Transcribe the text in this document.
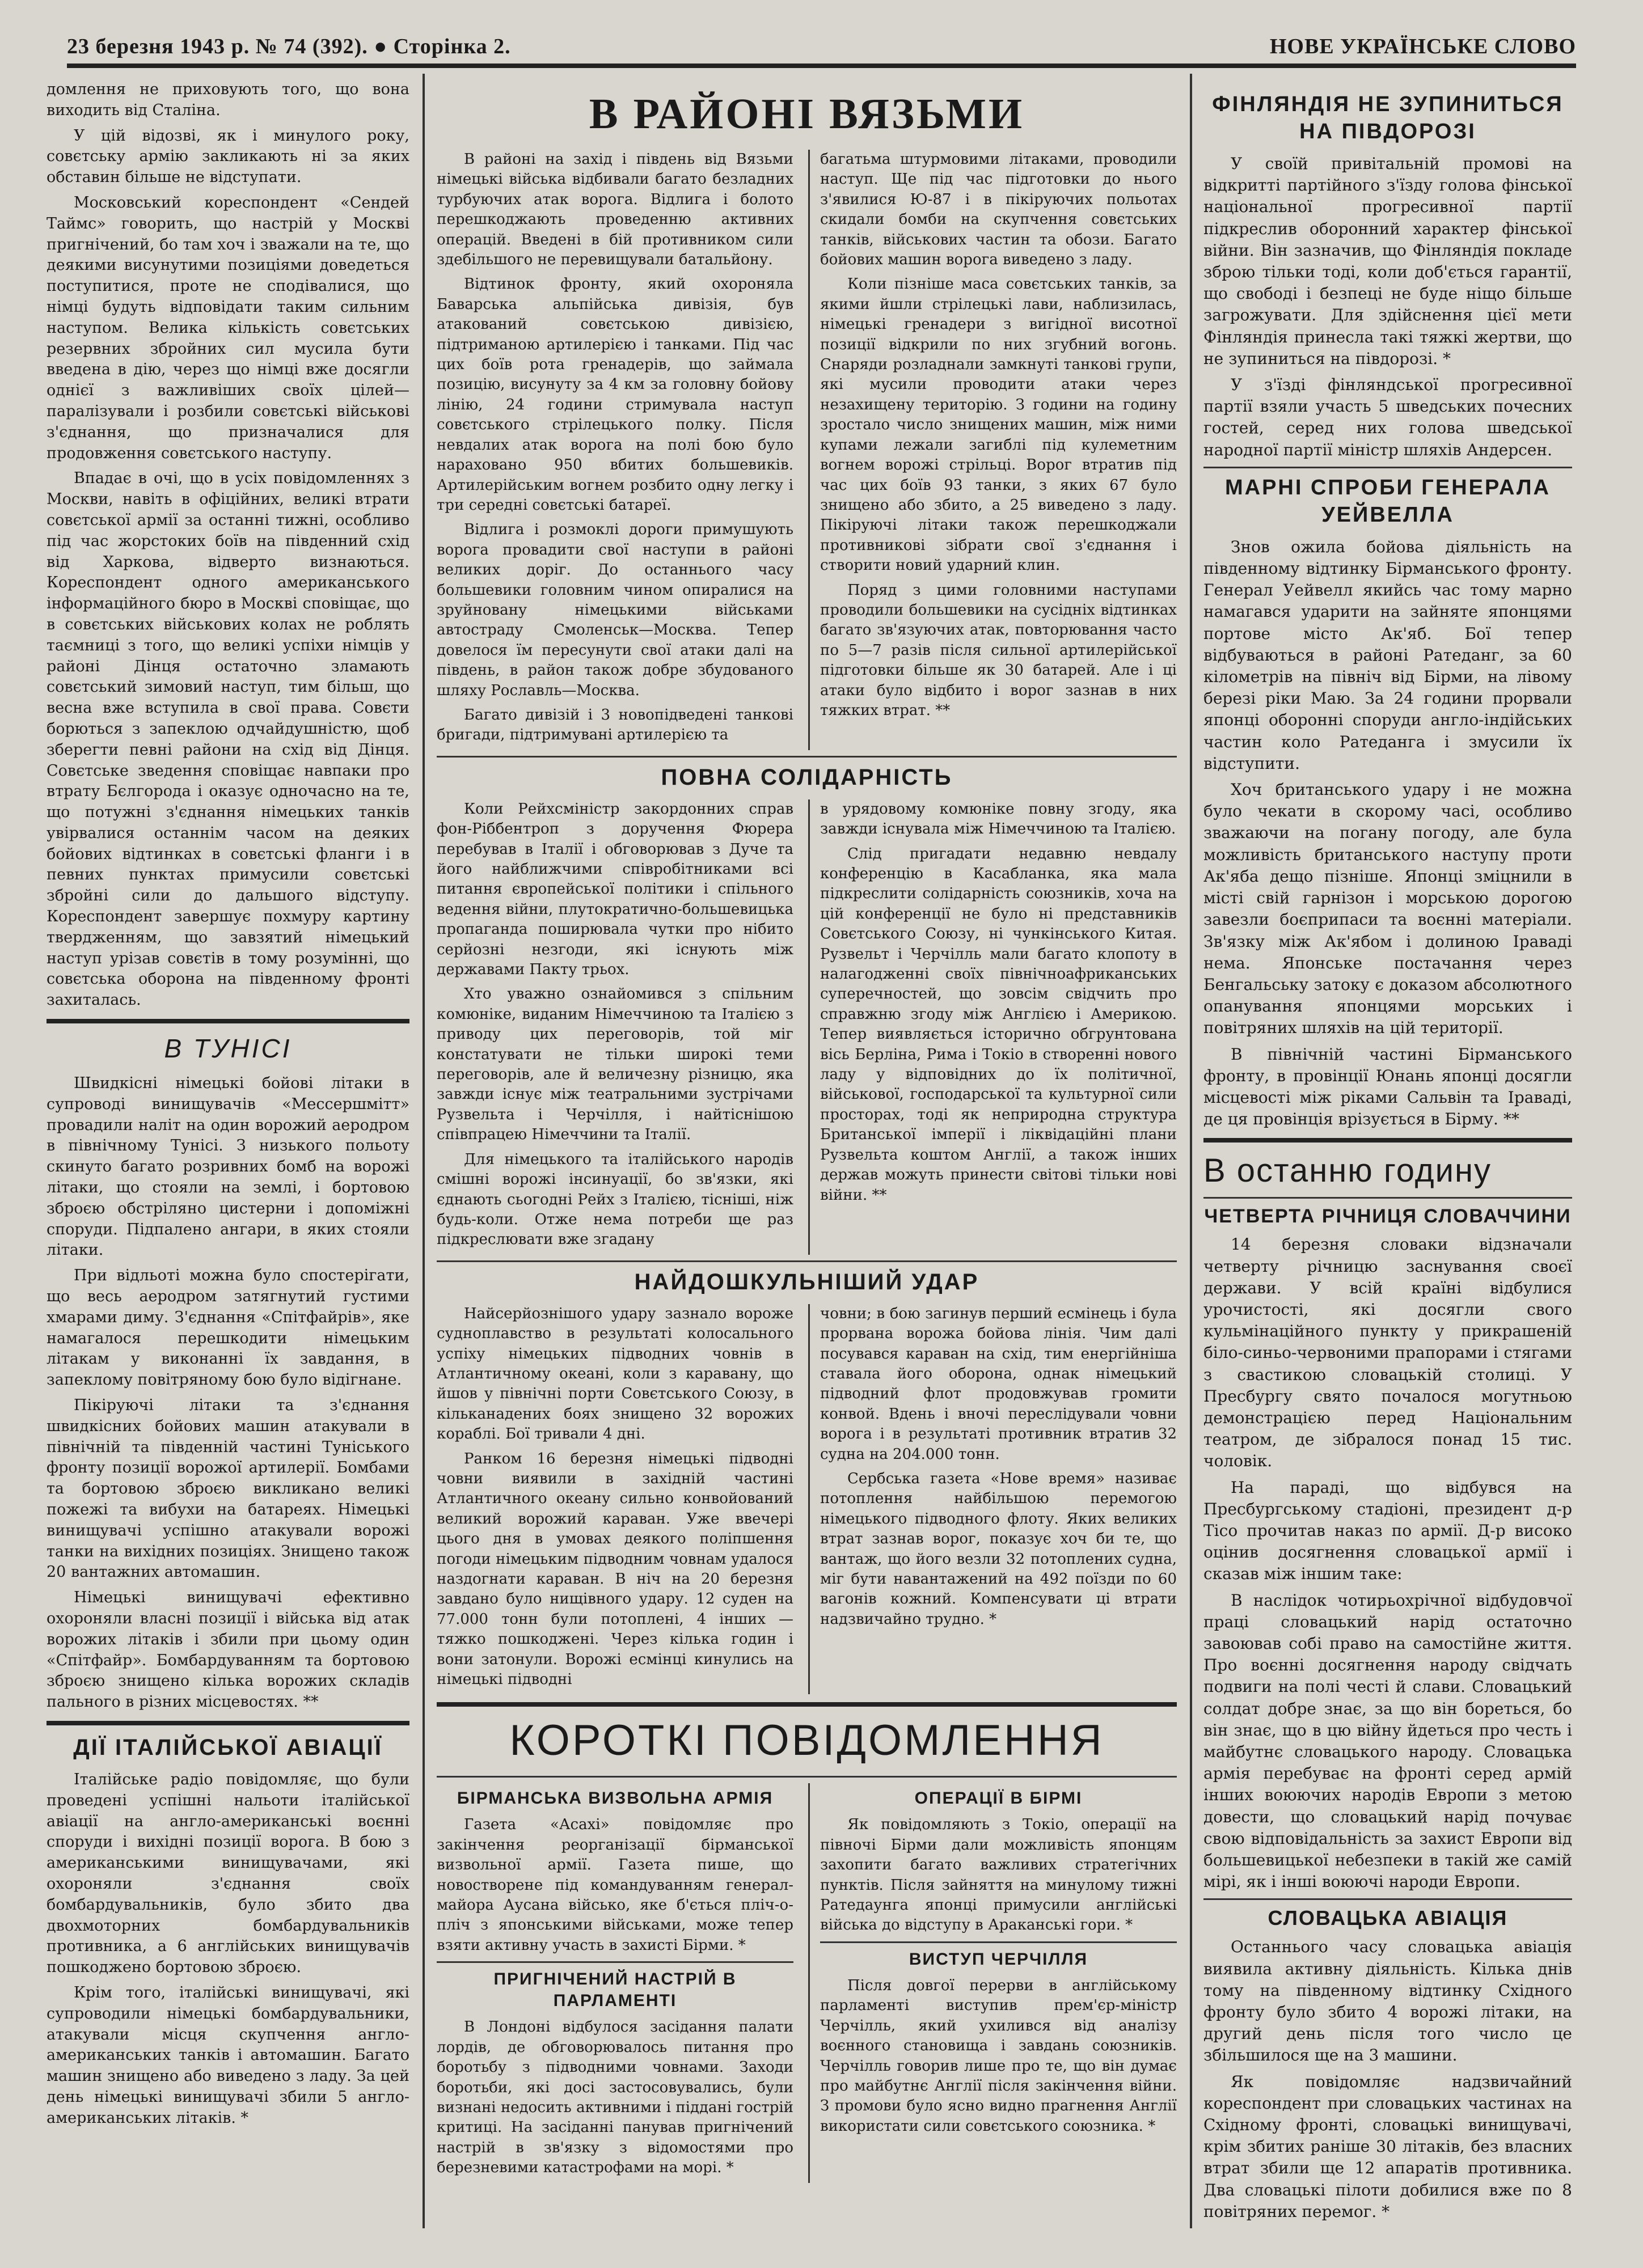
23 березня 1943 р. № 74 (392). ● Сторінка 2.	НОВЕ УКРАЇНСЬКЕ СЛОВО

домлення не приховують того, що вона виходить від Сталіна.

У цій відозві, як і минулого року, совєтську армію закликають ні за яких обставин більше не відступати.

Московський кореспондент «Сендей Таймс» говорить, що настрій у Москві пригнічений, бо там хоч і зважали на те, що деякими висунутими позиціями доведеться поступитися, проте не сподівалися, що німці будуть відповідати таким сильним наступом. Велика кількість совєтських резервних збройних сил мусила бути введена в дію, через що німці вже досягли однієї з важливіших своїх цілей—паралізували і розбили совєтські військові з'єднання, що призначалися для продовження совєтського наступу.

Впадає в очі, що в усіх повідомленнях з Москви, навіть в офіційних, великі втрати совєтської армії за останні тижні, особливо під час жорстоких боїв на південний схід від Харкова, відверто визнаються. Кореспондент одного американського інформаційного бюро в Москві сповіщає, що в совєтських військових колах не роблять таємниці з того, що великі успіхи німців у районі Дінця остаточно зламають совєтський зимовий наступ, тим більш, що весна вже вступила в свої права. Совєти борються з запеклою одчайдушністю, щоб зберегти певні райони на схід від Дінця. Совєтське зведення сповіщає навпаки про втрату Бєлгорода і оказує одночасно на те, що потужні з'єднання німецьких танків увірвалися останнім часом на деяких бойових відтинках в совєтські фланги і в певних пунктах примусили совєтські збройні сили до дальшого відступу. Кореспондент завершує похмуру картину твердженням, що завзятий німецький наступ урізав совєтів в тому розумінні, що совєтська оборона на південному фронті захиталась.

В ТУНІСІ

Швидкісні німецькі бойові літаки в супроводі винищувачів «Мессершмітт» провадили наліт на один ворожий аеродром в північному Тунісі. З низького польоту скинуто багато розривних бомб на ворожі літаки, що стояли на землі, і бортовою зброєю обстріляно цистерни і допоміжні споруди. Підпалено ангари, в яких стояли літаки.

При відльоті можна було спостерігати, що весь аеродром затягнутий густими хмарами диму. З'єднання «Спітфайрів», яке намагалося перешкодити німецьким літакам у виконанні їх завдання, в запеклому повітряному бою було відігнане.

Пікіруючі літаки та з'єднання швидкісних бойових машин атакували в північній та південній частині Туніського фронту позиції ворожої артилерії. Бомбами та бортовою зброєю викликано великі пожежі та вибухи на батареях. Німецькі винищувачі успішно атакували ворожі танки на вихідних позиціях. Знищено також 20 вантажних автомашин.

Німецькі винищувачі ефективно охороняли власні позиції і війська від атак ворожих літаків і збили при цьому один «Спітфайр». Бомбардуванням та бортовою зброєю знищено кілька ворожих складів пального в різних місцевостях. **

ДІЇ ІТАЛІЙСЬКОЇ АВІАЦІЇ

Італійське радіо повідомляє, що були проведені успішні нальоти італійської авіації на англо-американські воєнні споруди і вихідні позиції ворога. В бою з американськими винищувачами, які охороняли з'єднання своїх бомбардувальників, було збито два двохмоторних бомбардувальників противника, а 6 англійських винищувачів пошкоджено бортовою зброєю.

Крім того, італійські винищувачі, які супроводили німецькі бомбардувальники, атакували місця скупчення англо-американських танків і автомашин. Багато машин знищено або виведено з ладу. За цей день німецькі винищувачі збили 5 англо-американських літаків. *

В РАЙОНІ ВЯЗЬМИ

В районі на захід і південь від Вязьми німецькі війська відбивали багато безладних турбуючих атак ворога. Відлига і болото перешкоджають проведенню активних операцій. Введені в бій противником сили здебільшого не перевищували батальйону.

Відтинок фронту, який охороняла Баварська альпійська дивізія, був атакований совєтською дивізією, підтриманою артилерією і танками. Під час цих боїв рота гренадерів, що займала позицію, висунуту за 4 км за головну бойову лінію, 24 години стримувала наступ совєтського стрілецького полку. Після невдалих атак ворога на полі бою було нараховано 950 вбитих большевиків. Артилерійським вогнем розбито одну легку і три середні совєтські батареї.

Відлига і розмоклі дороги примушують ворога провадити свої наступи в районі великих доріг. До останнього часу большевики головним чином опиралися на зруйновану німецькими військами автостраду Смоленськ—Москва. Тепер довелося їм пересунути свої атаки далі на південь, в район також добре збудованого шляху Рославль—Москва.

Багато дивізій і 3 новопідведені танкові бригади, підтримувані артилерією та

багатьма штурмовими літаками, проводили наступ. Ще під час підготовки до нього з'явилися Ю-87 і в пікіруючих польотах скидали бомби на скупчення совєтських танків, військових частин та обози. Багато бойових машин ворога виведено з ладу.

Коли пізніше маса совєтських танків, за якими йшли стрілецькі лави, наблизилась, німецькі гренадери з вигідної висотної позиції відкрили по них згубний вогонь. Снаряди розладнали замкнуті танкові групи, які мусили проводити атаки через незахищену територію. З години на годину зростало число знищених машин, між ними купами лежали загиблі під кулеметним вогнем ворожі стрільці. Ворог втратив під час цих боїв 93 танки, з яких 67 було знищено або збито, а 25 виведено з ладу. Пікіруючі літаки також перешкоджали противникові зібрати свої з'єднання і створити новий ударний клин.

Поряд з цими головними наступами проводили большевики на сусідніх відтинках багато зв'язуючих атак, повторювання часто по 5—7 разів після сильної артилерійської підготовки більше як 30 батарей. Але і ці атаки було відбито і ворог зазнав в них тяжких втрат. **

ПОВНА СОЛІДАРНІСТЬ

Коли Рейхсміністр закордонних справ фон-Ріббентроп з доручення Фюрера перебував в Італії і обговорював з Дуче та його найближчими співробітниками всі питання європейської політики і спільного ведення війни, плутократично-большевицька пропаганда поширювала чутки про нібито серйозні незгоди, які існують між державами Пакту трьох.

Хто уважно ознайомився з спільним комюніке, виданим Німеччиною та Італією з приводу цих переговорів, той міг констатувати не тільки широкі теми переговорів, але й величезну різницю, яка завжди існує між театральними зустрічами Рузвельта і Черчілля, і найтіснішою співпрацею Німеччини та Італії.

Для німецького та італійського народів смішні ворожі інсинуації, бо зв'язки, які єднають сьогодні Рейх з Італією, тісніші, ніж будь-коли. Отже нема потреби ще раз підкреслювати вже згадану

в урядовому комюніке повну згоду, яка завжди існувала між Німеччиною та Італією.

Слід пригадати недавню невдалу конференцію в Касабланка, яка мала підкреслити солідарність союзників, хоча на цій конференції не було ні представників Совєтського Союзу, ні чункінського Китая. Рузвельт і Черчілль мали багато клопоту в налагодженні своїх північноафриканських суперечностей, що зовсім свідчить про справжню згоду між Англією і Америкою. Тепер виявляється історично обгрунтована вісь Берліна, Рима і Токіо в створенні нового ладу у відповідних до їх політичної, військової, господарської та культурної сили просторах, тоді як неприродна структура Британської імперії і ліквідаційні плани Рузвельта коштом Англії, а також інших держав можуть принести світові тільки нові війни. **

НАЙДОШКУЛЬНІШИЙ УДАР

Найсерйознішого удару зазнало вороже судноплавство в результаті колосального успіху німецьких підводних човнів в Атлантичному океані, коли з каравану, що йшов у північні порти Совєтського Союзу, в кільканадених боях знищено 32 ворожих кораблі. Бої тривали 4 дні.

Ранком 16 березня німецькі підводні човни виявили в західній частині Атлантичного океану сильно конвойований великий ворожий караван. Уже ввечері цього дня в умовах деякого поліпшення погоди німецьким підводним човнам удалося наздогнати караван. В ніч на 20 березня завдано було нищівного удару. 12 суден на 77.000 тонн були потоплені, 4 інших — тяжко пошкоджені. Через кілька годин і вони затонули. Ворожі есмінці кинулись на німецькі підводні

човни; в бою загинув перший есмінець і була прорвана ворожа бойова лінія. Чим далі посувався караван на схід, тим енергійніша ставала його оборона, однак німецький підводний флот продовжував громити конвой. Вдень і вночі переслідували човни ворога і в результаті противник втратив 32 судна на 204.000 тонн.

Сербська газета «Нове время» називає потоплення найбільшою перемогою німецького підводного флоту. Яких великих втрат зазнав ворог, показує хоч би те, що вантаж, що його везли 32 потоплених судна, міг бути навантажений на 492 поїзди по 60 вагонів кожний. Компенсувати ці втрати надзвичайно трудно. *

КОРОТКІ ПОВІДОМЛЕННЯ
БІРМАНСЬКА ВИЗВОЛЬНА АРМІЯ

Газета «Асахі» повідомляє про закінчення реорганізації бірманської визвольної армії. Газета пише, що новостворене під командуванням генерал-майора Аусана військо, яке б'ється пліч-о-пліч з японськими військами, може тепер взяти активну участь в захисті Бірми. *

ПРИГНІЧЕНИЙ НАСТРІЙ В ПАРЛАМЕНТІ

В Лондоні відбулося засідання палати лордів, де обговорювалось питання про боротьбу з підводними човнами. Заходи боротьби, які досі застосовувались, були визнані недосить активними і піддані гострій критиці. На засіданні панував пригнічений настрій в зв'язку з відомостями про березневими катастрофами на морі. *

ОПЕРАЦІЇ В БІРМІ

Як повідомляють з Токіо, операції на півночі Бірми дали можливість японцям захопити багато важливих стратегічних пунктів. Після зайняття на минулому тижні Ратедаунга японці примусили англійські війська до відступу в Араканські гори. *

ВИСТУП ЧЕРЧІЛЛЯ

Після довгої перерви в англійському парламенті виступив прем'єр-міністр Черчілль, який ухилився від аналізу воєнного становища і завдань союзників. Черчілль говорив лише про те, що він думає про майбутнє Англії після закінчення війни. З промови було ясно видно прагнення Англії використати сили совєтського союзника. *

ФІНЛЯНДІЯ НЕ ЗУПИНИТЬСЯ НА ПІВДОРОЗІ

У своїй привітальній промові на відкритті партійного з'їзду голова фінської національної прогресивної партії підкреслив оборонний характер фінської війни. Він зазначив, що Фінляндія покладе зброю тільки тоді, коли доб'ється гарантії, що свободі і безпеці не буде ніщо більше загрожувати. Для здійснення цієї мети Фінляндія принесла такі тяжкі жертви, що не зупиниться на півдорозі. *

У з'їзді фінляндської прогресивної партії взяли участь 5 шведських почесних гостей, серед них голова шведської народної партії міністр шляхів Андерсен.

МАРНІ СПРОБИ ГЕНЕРАЛА УЕЙВЕЛЛА

Знов ожила бойова діяльність на південному відтинку Бірманського фронту. Генерал Уейвелл якийсь час тому марно намагався ударити на зайняте японцями портове місто Ак'яб. Бої тепер відбуваються в районі Ратеданг, за 60 кілометрів на північ від Бірми, на лівому березі ріки Маю. За 24 години прорвали японці оборонні споруди англо-індійських частин коло Ратеданга і змусили їх відступити.

Хоч британського удару і не можна було чекати в скорому часі, особливо зважаючи на погану погоду, але була можливість британського наступу проти Ак'яба дещо пізніше. Японці зміцнили в місті свій гарнізон і морською дорогою завезли боєприпаси та воєнні матеріали. Зв'язку між Ак'ябом і долиною Іраваді нема. Японське постачання через Бенгальську затоку є доказом абсолютного опанування японцями морських і повітряних шляхів на цій території.

В північній частині Бірманського фронту, в провінції Юнань японці досягли місцевості між ріками Сальвін та Іраваді, де ця провінція врізується в Бірму. **

В останню годину
ЧЕТВЕРТА РІЧНИЦЯ СЛОВАЧЧИНИ

14 березня словаки відзначали четверту річницю заснування своєї держави. У всій країні відбулися урочистості, які досягли свого кульмінаційного пункту у прикрашеній біло-синьо-червоними прапорами і стягами з свастикою словацькій столиці. У Пресбургу свято почалося могутньою демонстрацією перед Національним театром, де зібралося понад 15 тис. чоловік.

На параді, що відбувся на Пресбургському стадіоні, президент д-р Тісо прочитав наказ по армії. Д-р високо оцінив досягнення словацької армії і сказав між іншим таке:

В наслідок чотирьохрічної відбудовчої праці словацький нарід остаточно завоював собі право на самостійне життя. Про воєнні досягнення народу свідчать подвиги на полі честі й слави. Словацький солдат добре знає, за що він бореться, бо він знає, що в цю війну йдеться про честь і майбутнє словацького народу. Словацька армія перебуває на фронті серед армій інших воюючих народів Европи з метою довести, що словацький нарід почуває свою відповідальність за захист Европи від большевицької небезпеки в такій же самій мірі, як і інші воюючі народи Европи.

СЛОВАЦЬКА АВІАЦІЯ

Останнього часу словацька авіація виявила активну діяльність. Кілька днів тому на південному відтинку Східного фронту було збито 4 ворожі літаки, на другий день після того число це збільшилося ще на 3 машини.

Як повідомляє надзвичайний кореспондент при словацьких частинах на Східному фронті, словацькі винищувачі, крім збитих раніше 30 літаків, без власних втрат збили ще 12 апаратів противника. Два словацькі пілоти добилися вже по 8 повітряних перемог. *
